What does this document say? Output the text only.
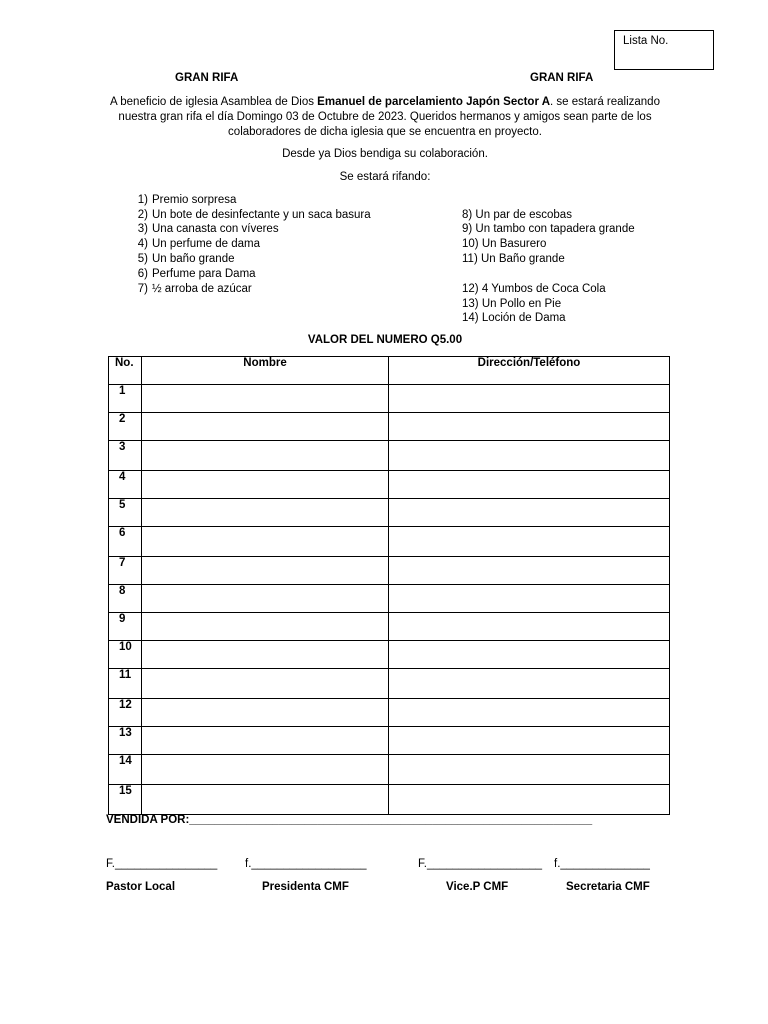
Lista No.
GRAN RIFA	GRAN RIFA
A beneficio de iglesia Asamblea de Dios Emanuel de parcelamiento Japón Sector A. se estará realizando nuestra gran rifa el día Domingo 03 de Octubre de 2023. Queridos hermanos y amigos sean parte de los colaboradores de dicha iglesia que se encuentra en proyecto.
Desde ya Dios bendiga su colaboración.
Se estará rifando:
1) Premio sorpresa
2) Un bote de desinfectante y un saca basura
3) Una canasta con víveres
4) Un perfume de dama
5) Un baño grande
6) Perfume para Dama
7) ½ arroba de azúcar
8) Un par de escobas
9) Un tambo con tapadera grande
10) Un Basurero
11) Un Baño grande
12) 4 Yumbos de Coca Cola
13) Un Pollo en Pie
14) Loción de Dama
VALOR DEL NUMERO Q5.00
No.	Nombre	Dirección/Teléfono
1		
2		
3		
4		
5		
6		
7		
8		
9		
10		
11		
12		
13		
14		
15		
VENDIDA POR:_______________________________________________________________
F.________________ f.__________________	F.__________________ f.______________
Pastor Local	Presidenta CMF	Vice.P CMF	Secretaria CMF
